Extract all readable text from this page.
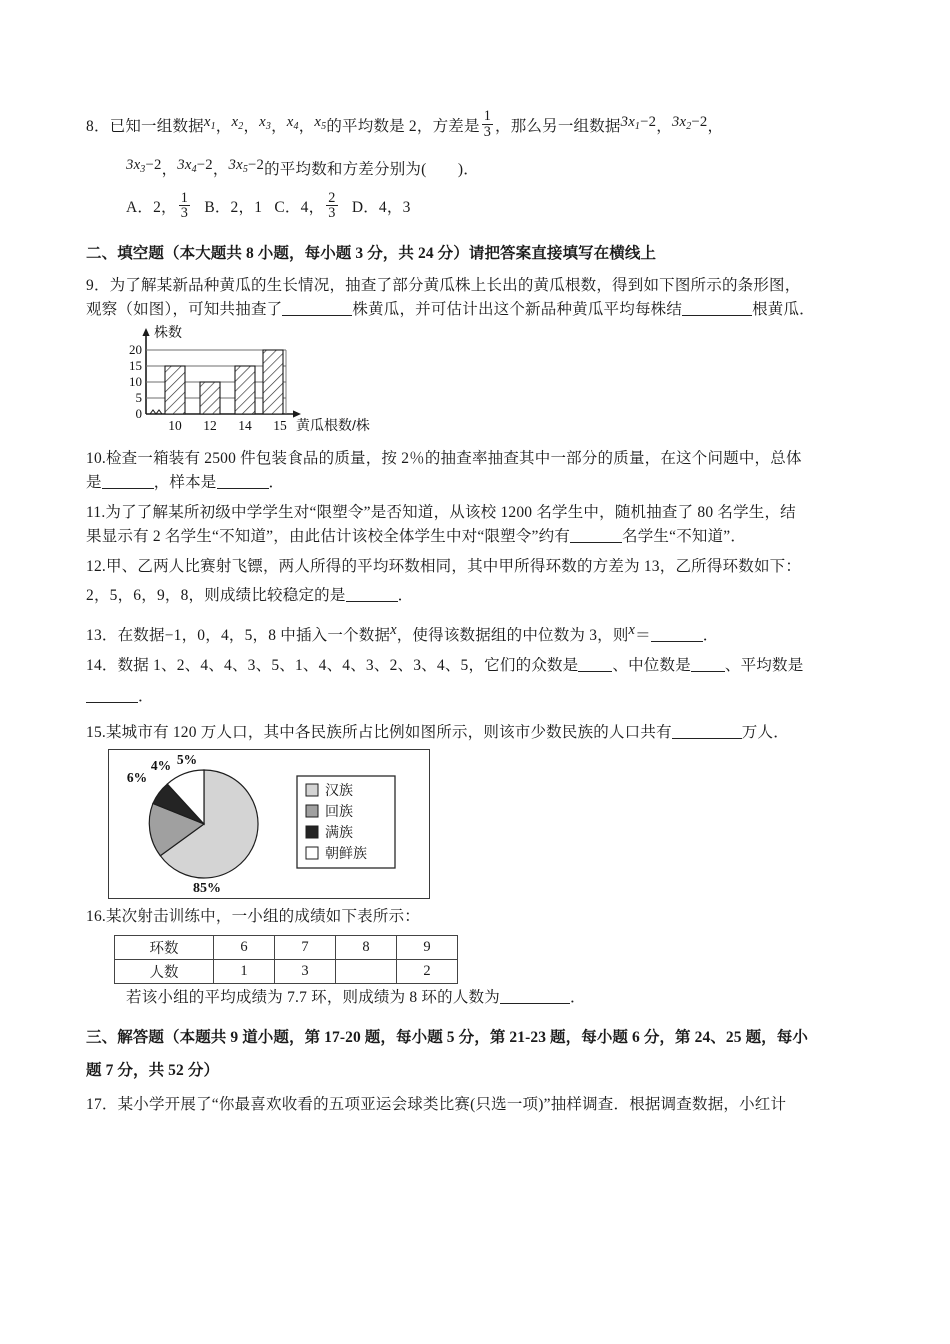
8．已知一组数据$x_1$，$x_2$，$x_3$，$x_4$，$x_5$的平均数是 2，方差是 $\frac{1}{3}$ ，那么另一组数据$3x_1-2$，$3x_2-2$，
$3x_3-2$，$3x_4-2$，$3x_5-2$的平均数和方差分别为(　　)．
A．2， $\frac{1}{3}$ B．2，1 C．4， $\frac{2}{3}$ D．4，3
二、填空题（本大题共 8 小题，每小题 3 分，共 24 分）请把答案直接填写在横线上
9．为了解某新品种黄瓜的生长情况，抽查了部分黄瓜株上长出的黄瓜根数，得到如下图所示的条形图，
观察（如图），可知共抽查了	株黄瓜，并可估计出这个新品种黄瓜平均每株结	根黄瓜．
0
5
10
15
20
10 12 14 15
株数
黄瓜根数/株
10.检查一箱装有 2500 件包装食品的质量，按 2％的抽查率抽查其中一部分的质量，在这个问题中，总体
是	，样本是	．
11.为了了解某所初级中学学生对“限塑令”是否知道，从该校 1200 名学生中，随机抽查了 80 名学生，结
果显示有 2 名学生“不知道”，由此估计该校全体学生中对“限塑令”约有	名学生“不知道”．
12.甲、乙两人比赛射飞镖，两人所得的平均环数相同，其中甲所得环数的方差为 13，乙所得环数如下：
2，5，6，9，8，则成绩比较稳定的是	．
13．在数据−1，0，4，5，8 中插入一个数据x，使得该数据组的中位数为 3，则x＝	．
14．数据 1、2、4、4、3、5、1、4、4、3、2、3、4、5，它们的众数是 、中位数是 、平均数是
．
15.某城市有 120 万人口，其中各民族所占比例如图所示，则该市少数民族的人口共有	万人．
85%
6%
4% 5%
汉族
回族
满族
朝鲜族
16.某次射击训练中，一小组的成绩如下表所示：
环数	6	7	8	9
人数	1	3		2
若该小组的平均成绩为 7.7 环，则成绩为 8 环的人数为	．
三、解答题（本题共 9 道小题，第 17-20 题，每小题 5 分，第 21-23 题，每小题 6 分，第 24、25 题，每小
题 7 分，共 52 分）
17．某小学开展了“你最喜欢收看的五项亚运会球类比赛(只选一项)”抽样调查．根据调查数据，小红计
